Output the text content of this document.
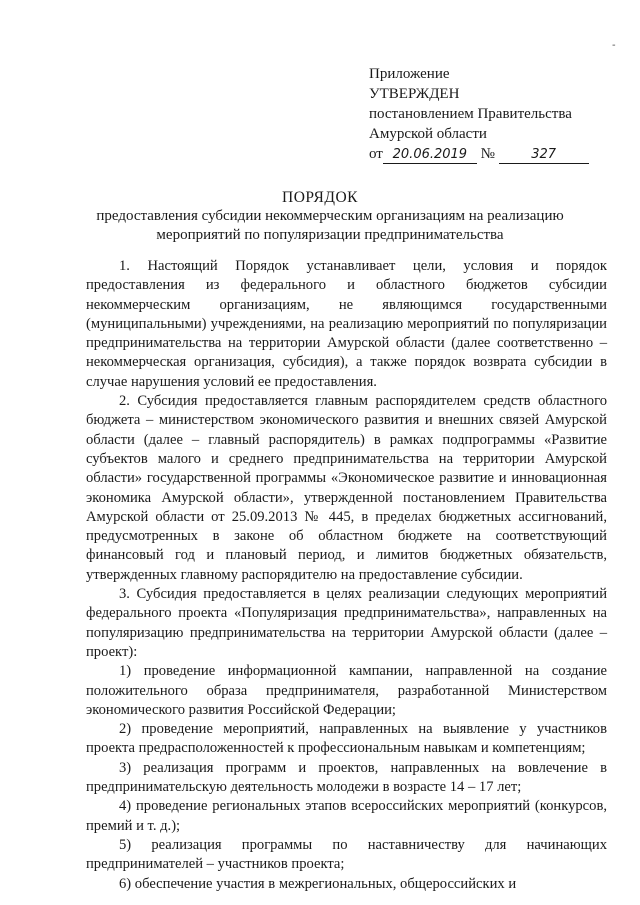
-
Приложение
УТВЕРЖДЕН
постановлением Правительства
Амурской области
от 20.06.2019 №	327
ПОРЯДОК
предоставления субсидии некоммерческим организациям на реализацию мероприятий по популяризации предпринимательства

1. Настоящий Порядок устанавливает цели, условия и порядок предоставления из федерального и областного бюджетов субсидии некоммерческим организациям, не являющимся государственными (муниципальными) учреждениями, на реализацию мероприятий по популяризации предпринимательства на территории Амурской области (далее соответственно – некоммерческая организация, субсидия), а также порядок возврата субсидии в случае нарушения условий ее предоставления.

2. Субсидия предоставляется главным распорядителем средств областного бюджета – министерством экономического развития и внешних связей Амурской области (далее – главный распорядитель) в рамках подпрограммы «Развитие субъектов малого и среднего предпринимательства на территории Амурской области» государственной программы «Экономическое развитие и инновационная экономика Амурской области», утвержденной постановлением Правительства Амурской области от 25.09.2013 № 445, в пределах бюджетных ассигнований, предусмотренных в законе об областном бюджете на соответствующий финансовый год и плановый период, и лимитов бюджетных обязательств, утвержденных главному распорядителю на предоставление субсидии.

3. Субсидия предоставляется в целях реализации следующих мероприятий федерального проекта «Популяризация предпринимательства», направленных на популяризацию предпринимательства на территории Амурской области (далее – проект):

1) проведение информационной кампании, направленной на создание положительного образа предпринимателя, разработанной Министерством экономического развития Российской Федерации;

2) проведение мероприятий, направленных на выявление у участников проекта предрасположенностей к профессиональным навыкам и компетенциям;

3) реализация программ и проектов, направленных на вовлечение в предпринимательскую деятельность молодежи в возрасте 14 – 17 лет;

4) проведение региональных этапов всероссийских мероприятий (конкурсов, премий и т. д.);

5) реализация программы по наставничеству для начинающих предпринимателей – участников проекта;

6) обеспечение участия в межрегиональных, общероссийских и
